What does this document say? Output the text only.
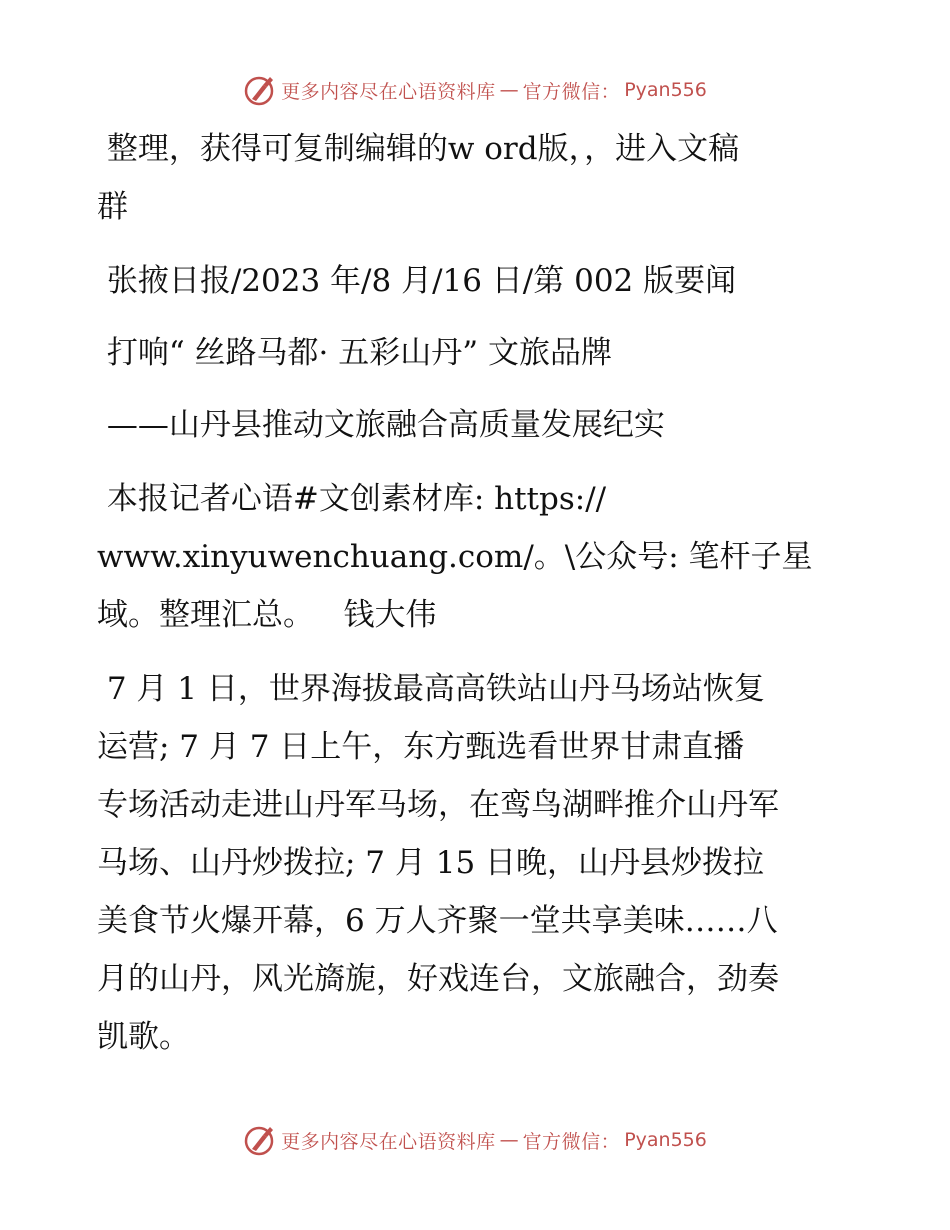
更多内容尽在心语资料库 — 官方微信： Pyan556

整理，获得可复制编辑的w ord版，，进入文稿

群

张掖日报/2023 年/8 月/16 日/第 002 版要闻

打响“ 丝路马都· 五彩山丹” 文旅品牌

——山丹县推动文旅融合高质量发展纪实

本报记者心语#文创素材库: https://

www.xinyuwenchuang.com/。\公众号: 笔杆子星

域。整理汇总。   钱大伟

7 月 1 日，世界海拔最高高铁站山丹马场站恢复

运营; 7 月 7 日上午，东方甄选看世界甘肃直播

专场活动走进山丹军马场，在鸾鸟湖畔推介山丹军

马场、山丹炒拨拉; 7 月 15 日晚，山丹县炒拨拉

美食节火爆开幕，6 万人齐聚一堂共享美味……八

月的山丹，风光旖旎，好戏连台，文旅融合，劲奏

凯歌。

更多内容尽在心语资料库 — 官方微信： Pyan556
